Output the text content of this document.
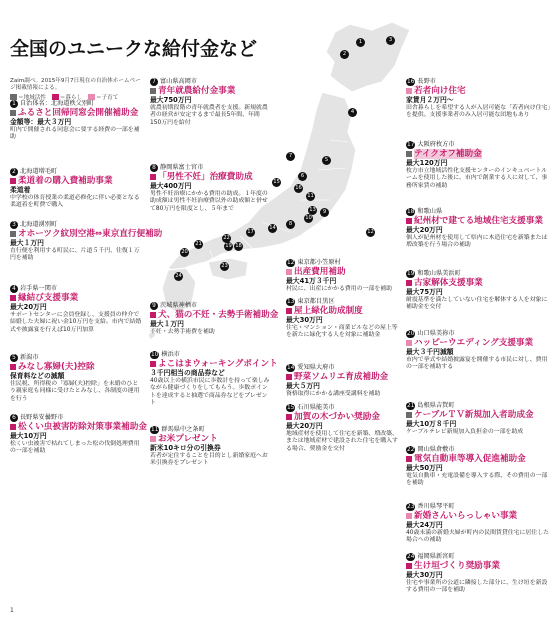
全国のユニークな給付金など
Zaim調べ。2015年9月7日現在の自治体ホームページ掲載情報による。
＝地域活性 ＝暮らし ＝子育て
1 自治体名：北海道秩父別町
ふるさと回帰同窓会開催補助金
金額等：最大３万円
町内で開催される同窓会に要する経費の一部を補助
2 北海道増毛町
柔道着の購入費補助事業
柔道着
中学校の体育授業の柔道必修化に伴い必要となる柔道着を町費で購入
3 北海道湧別町
オホーツク紋別空港⇔東京直行便補助
最大１万円
直行便を利用する町民に、片道５千円、往復１万円を補助
4 岩手県一関市
縁結び支援事業
最大20万円
サポートセンターに会員登録し、支援員の仲介で結婚した夫婦に祝い金10万円を支給。市内で結婚式や披露宴を行えば10万円加算
5 新潟市
みなし寡婦(夫)控除
保育料などの減額
住民税、所得税の「寡婦(夫)控除」を未婚のひとり親家庭も同様に受けたとみなし、各制度の運用を行う
6 長野県安曇野市
松くい虫被害防除対策事業補助金
最大10万円
松くい虫被害で枯れてしまった松の伐倒処理費用の一部を補助
7 富山県高岡市
青年就農給付金事業
最大750万円
就農初期段階の青年就農者を支援。新規就農者の経営が安定するまで最長5年間、年間150万円を給付
8 静岡県富士宮市
「男性不妊」治療費助成
最大400万円
男性不妊治療にかかる費用の助成。１年度の助成額は男性不妊治療費以外の助成額と併せて80万円を限度とし、５年まで
9 茨城県神栖市
犬、猫の不妊・去勢手術補助金
最大１万円
不妊・去勢手術費を補助
10 横浜市
よこはまウォーキングポイント
３千円相当の商品券など
40歳以上の横浜市民に歩数計を持って楽しみながら健康づくりをしてもらう。歩数ポイントを達成すると抽選で商品券などをプレゼント
11 群馬県中之条町
お米プレゼント
新米10キロ分の引換券
若者が定住することを目的とし新婚家庭へお米引換券をプレゼント
12 東京都小笠原村
出産費用補助
最大41万３千円
村民に、出産にかかる費用の一部を補助
13 東京都目黒区
屋上緑化助成制度
最大30万円
住宅・マンション・商業ビルなどの屋上等を新たに緑化する人を対象に補助金
14 愛知県大府市
野菜ソムリエ育成補助金
最大５万円
資格取得にかかる講座受講料を補助
15 石川県能美市
加賀の木づかい奨励金
最大20万円
地域産材を使用して住宅を新築、増改築、または地域産材で建設された住宅を購入する場合、奨励金を交付
16 長野市
若者向け住宅
家賃月２万円～
田舎暮らしを希望する人が入居可能な「若者向け住宅」を提供。支援事業者のみ入居可能な団地もあり
17 大阪府枚方市
テイクオフ補助金
最大120万円
枚方市立地域活性化支援センターのインキュベートルームを使用した後に、市内で創業する人に対して、事務所家賃の補助
18 和歌山県
紀州材で建てる地域住宅支援事業
最大20万円
個人が紀州材を使用して県内に木造住宅を新築または増改築を行う場合の補助
19 和歌山県美浜町
古家解体支援事業
最大75万円
耐震基準を満たしていない住宅を解体する人を対象に補助金を交付
20 山口県美祢市
ハッピーウエディング支援事業
最大３千円減額
市内で挙式や結婚披露宴を開催する市民に対し、費用の一部を補助する
21 島根県吉賀町
ケーブルＴＶ新規加入者助成金
最大10万８千円
ケーブルテレビ新規加入負担金の一部を助成
22 岡山県倉敷市
電気自動車等導入促進補助金
最大50万円
電気自動車・充電設備を導入する際、その費用の一部を補助
23 香川県琴平町
新婚さんいらっしゃい事業
最大24万円
40歳未満の新婚夫婦が町内の民間賃貸住宅に居住した場合への補助
24 福岡県新宮町
生け垣づくり奨励事業
最大30万円
住宅や事業所の公道に隣接した部分に、生け垣を新設する費用の一部を補助
1
2
3
4
5
6
7
8
9
10
11
12
13
14
15
16
17
18
19
20
21
22
23
24
1
